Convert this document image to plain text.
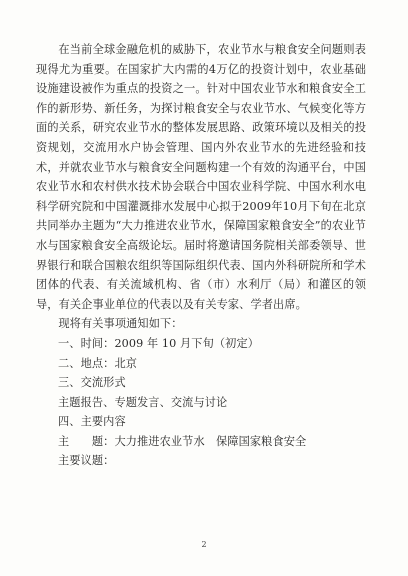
在当前全球金融危机的威胁下，农业节水与粮食安全问题则表现得尤为重要。在国家扩大内需的4万亿的投资计划中，农业基础设施建设被作为重点的投资之一。针对中国农业节水和粮食安全工作的新形势、新任务，为探讨粮食安全与农业节水、气候变化等方面的关系，研究农业节水的整体发展思路、政策环境以及相关的投资规划，交流用水户协会管理、国内外农业节水的先进经验和技术，并就农业节水与粮食安全问题构建一个有效的沟通平台，中国农业节水和农村供水技术协会联合中国农业科学院、中国水利水电科学研究院和中国灌溉排水发展中心拟于2009年10月下旬在北京共同举办主题为“大力推进农业节水，保障国家粮食安全”的农业节水与国家粮食安全高级论坛。届时将邀请国务院相关部委领导、世界银行和联合国粮农组织等国际组织代表、国内外科研院所和学术团体的代表、有关流域机构、省（市）水利厅（局）和灌区的领导，有关企事业单位的代表以及有关专家、学者出席。

现将有关事项通知如下：

一、时间：2009 年 10 月下旬（初定）

二、地点：北京

三、交流形式

主题报告、专题发言、交流与讨论

四、主要内容

主　　题：大力推进农业节水　保障国家粮食安全

主要议题：

2
